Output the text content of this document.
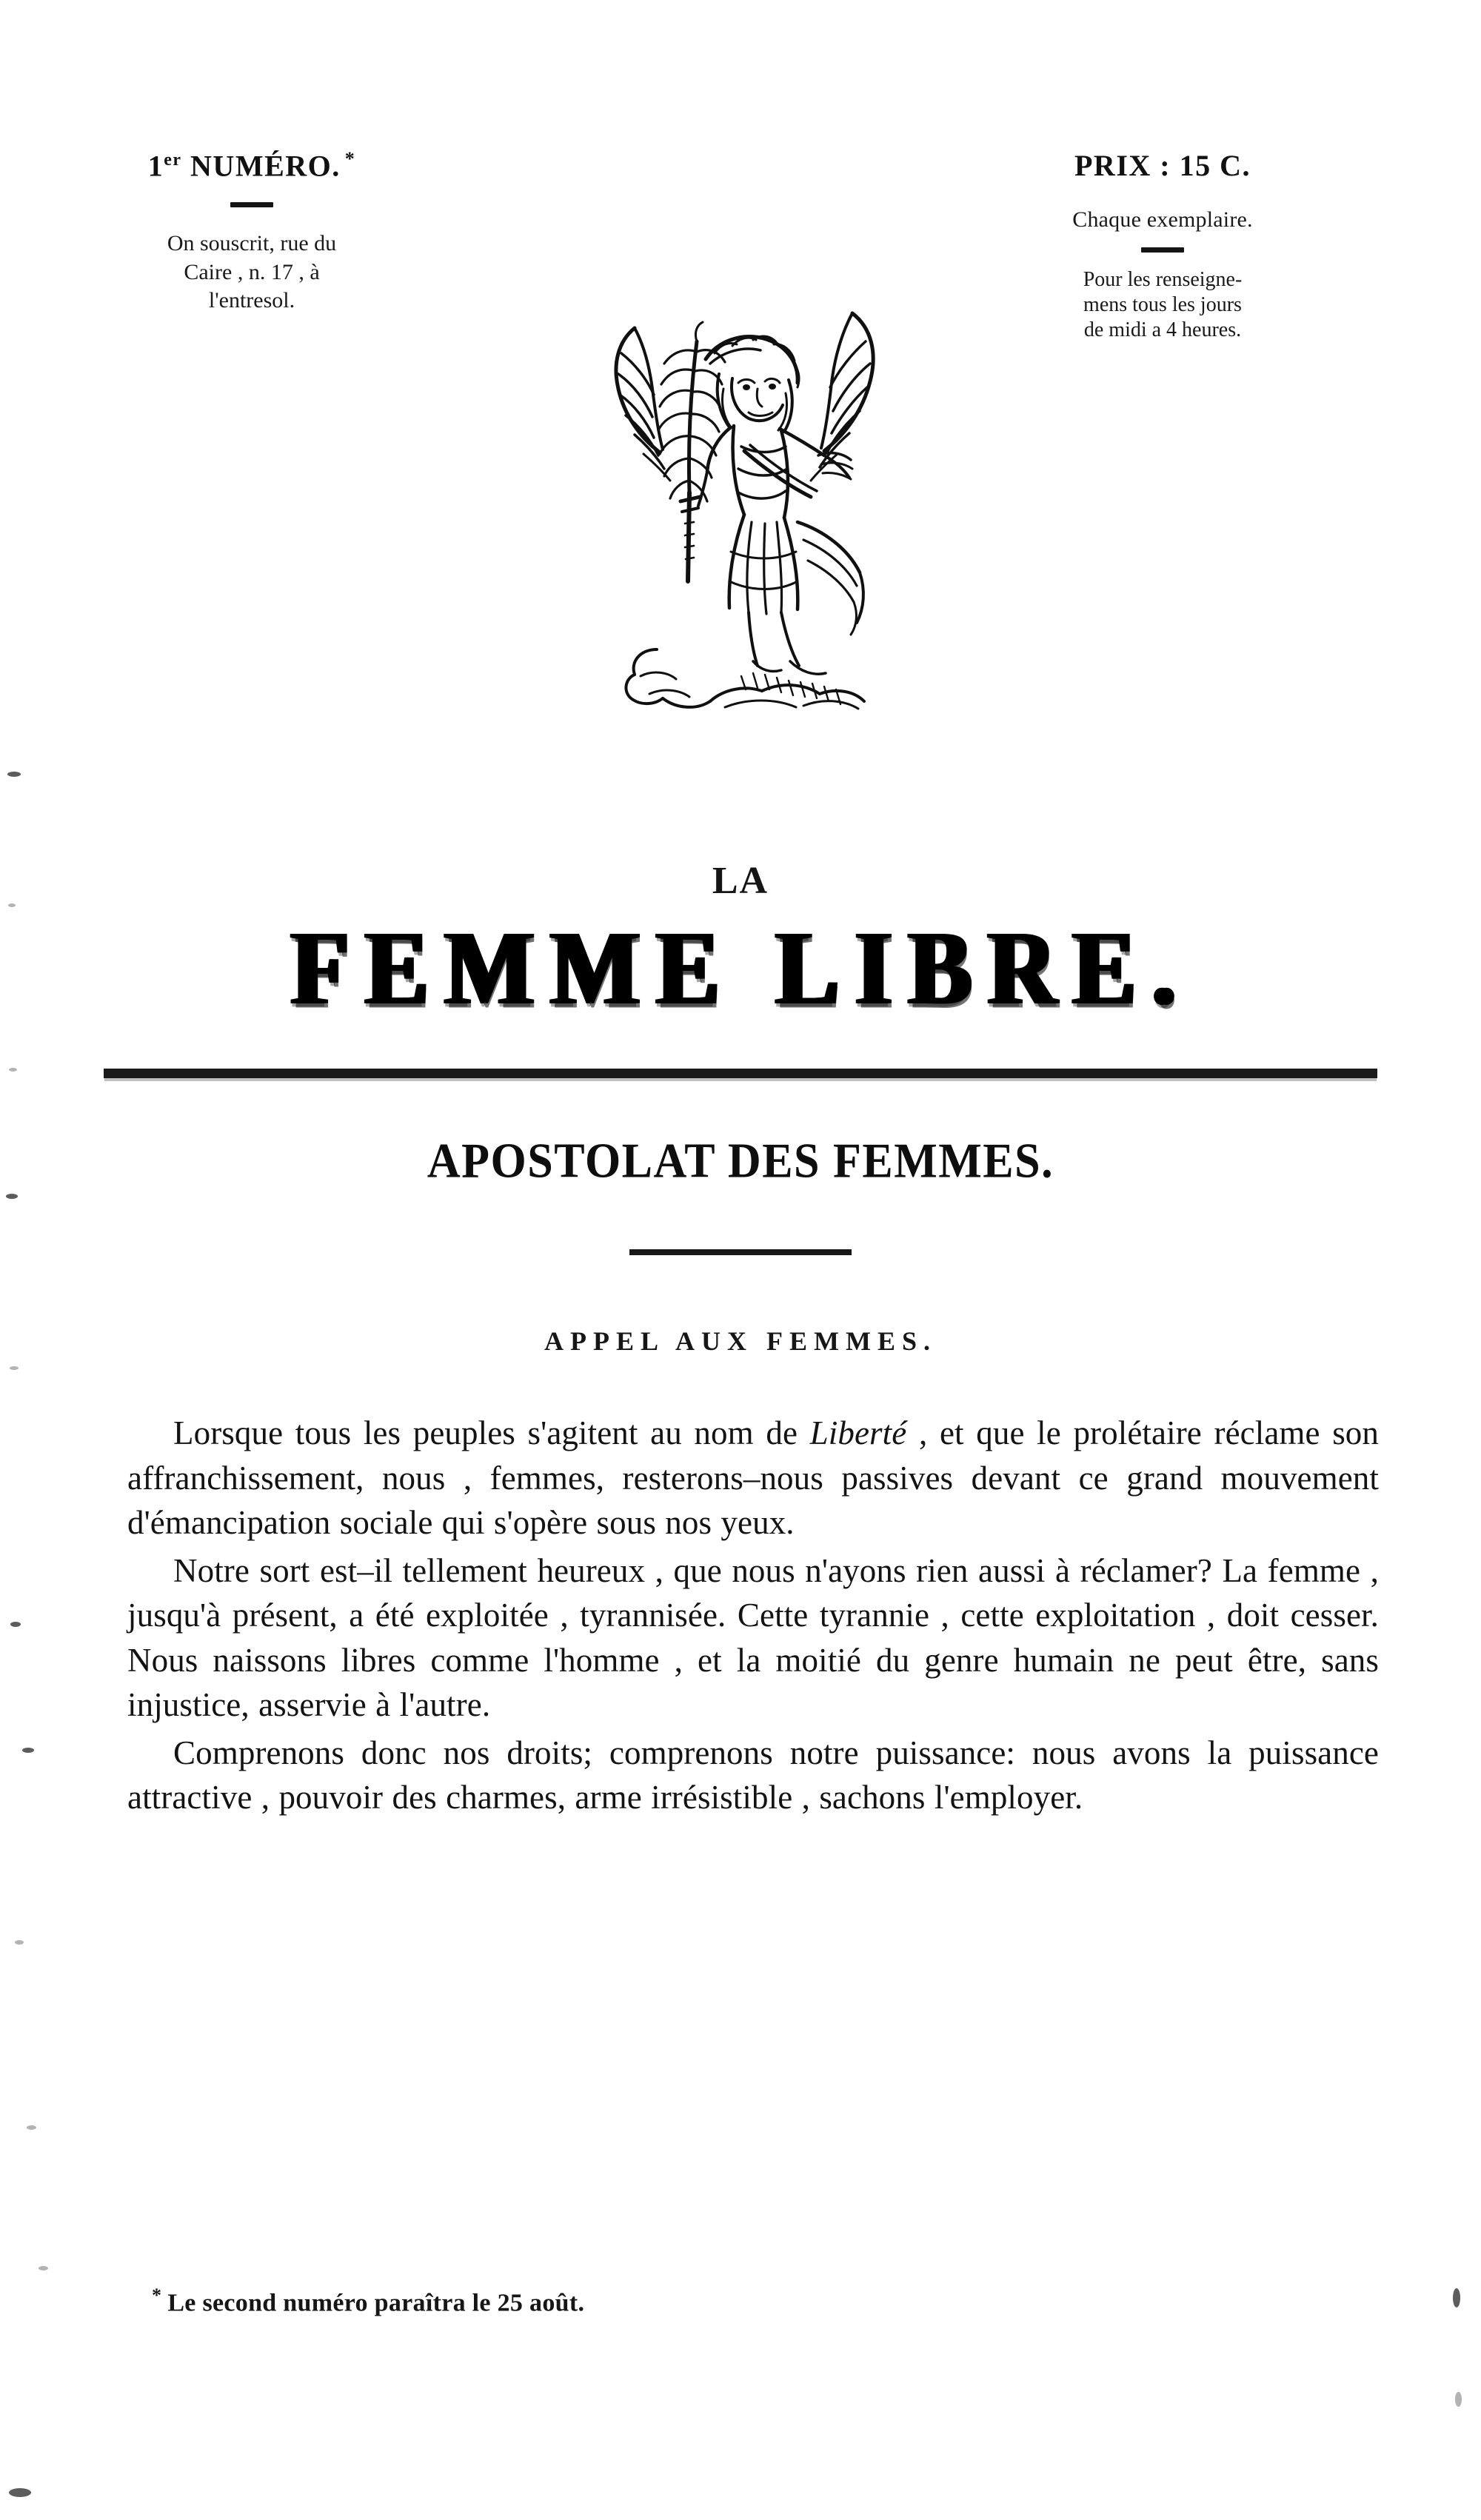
1er NUMÉRO. *
On souscrit, rue du
Caire , n. 17 , à
l'entresol.
PRIX : 15 C.
Chaque exemplaire.
Pour les renseigne-
mens tous les jours
de midi a 4 heures.
LA
FEMME LIBRE.
APOSTOLAT DES FEMMES.
APPEL AUX FEMMES.

Lorsque tous les peuples s'agitent au nom de Liberté , et que le prolétaire réclame son affranchissement, nous , femmes, resterons–nous passives devant ce grand mouvement d'émancipation sociale qui s'opère sous nos yeux.

Notre sort est–il tellement heureux , que nous n'ayons rien aussi à réclamer? La femme , jusqu'à présent, a été exploitée , tyrannisée. Cette tyrannie , cette exploitation , doit cesser. Nous naissons libres comme l'homme , et la moitié du genre humain ne peut être, sans injustice, asservie à l'autre.

Comprenons donc nos droits; comprenons notre puissance: nous avons la puissance attractive , pouvoir des charmes, arme irrésistible , sachons l'employer.

* Le second numéro paraîtra le 25 août.
